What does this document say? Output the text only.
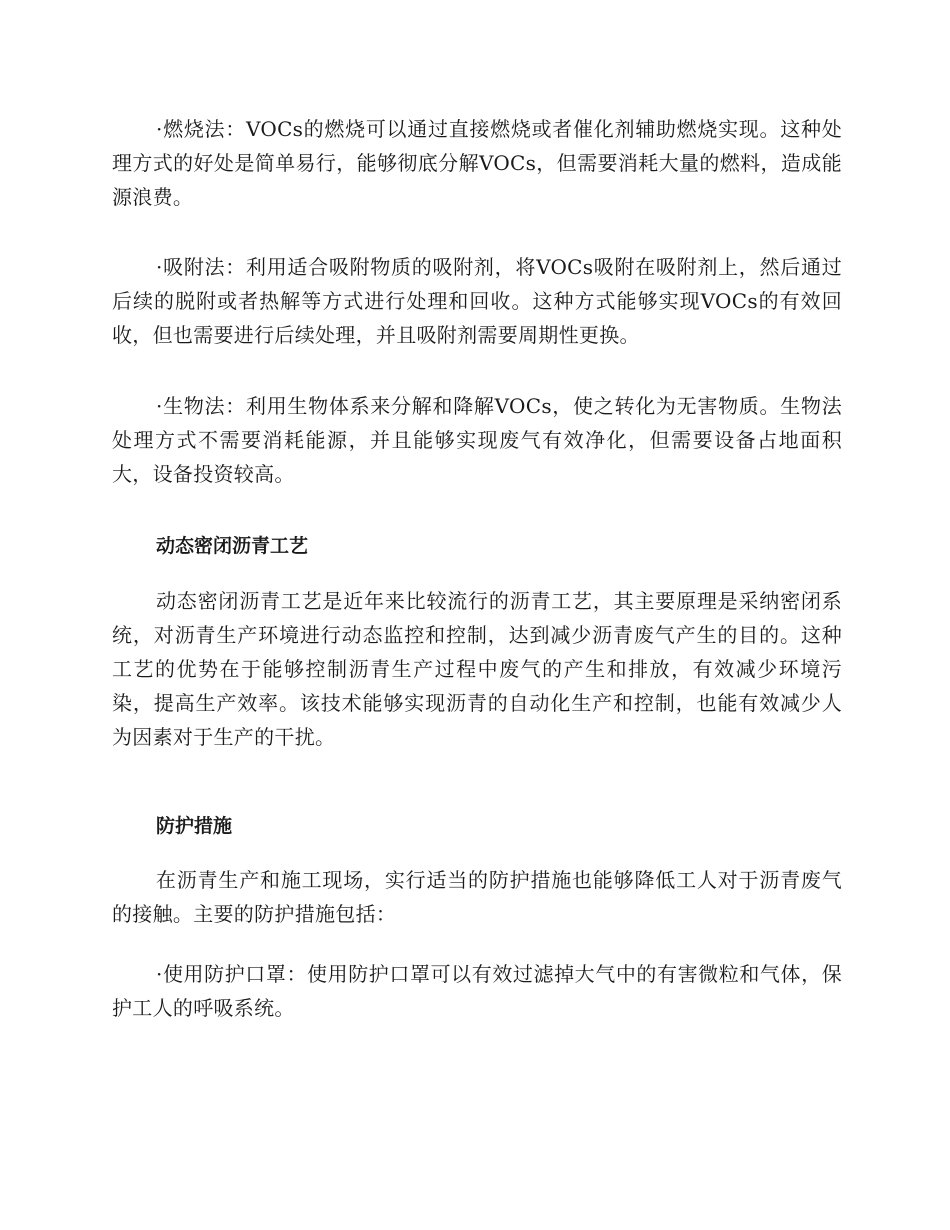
·燃烧法：VOCs的燃烧可以通过直接燃烧或者催化剂辅助燃烧实现。这种处理方式的好处是简单易行，能够彻底分解VOCs，但需要消耗大量的燃料，造成能源浪费。

·吸附法：利用适合吸附物质的吸附剂，将VOCs吸附在吸附剂上，然后通过后续的脱附或者热解等方式进行处理和回收。这种方式能够实现VOCs的有效回收，但也需要进行后续处理，并且吸附剂需要周期性更换。

·生物法：利用生物体系来分解和降解VOCs，使之转化为无害物质。生物法处理方式不需要消耗能源，并且能够实现废气有效净化，但需要设备占地面积大，设备投资较高。

动态密闭沥青工艺

动态密闭沥青工艺是近年来比较流行的沥青工艺，其主要原理是采纳密闭系统，对沥青生产环境进行动态监控和控制，达到减少沥青废气产生的目的。这种工艺的优势在于能够控制沥青生产过程中废气的产生和排放，有效减少环境污染，提高生产效率。该技术能够实现沥青的自动化生产和控制，也能有效减少人为因素对于生产的干扰。

防护措施

在沥青生产和施工现场，实行适当的防护措施也能够降低工人对于沥青废气的接触。主要的防护措施包括：

·使用防护口罩：使用防护口罩可以有效过滤掉大气中的有害微粒和气体，保护工人的呼吸系统。
